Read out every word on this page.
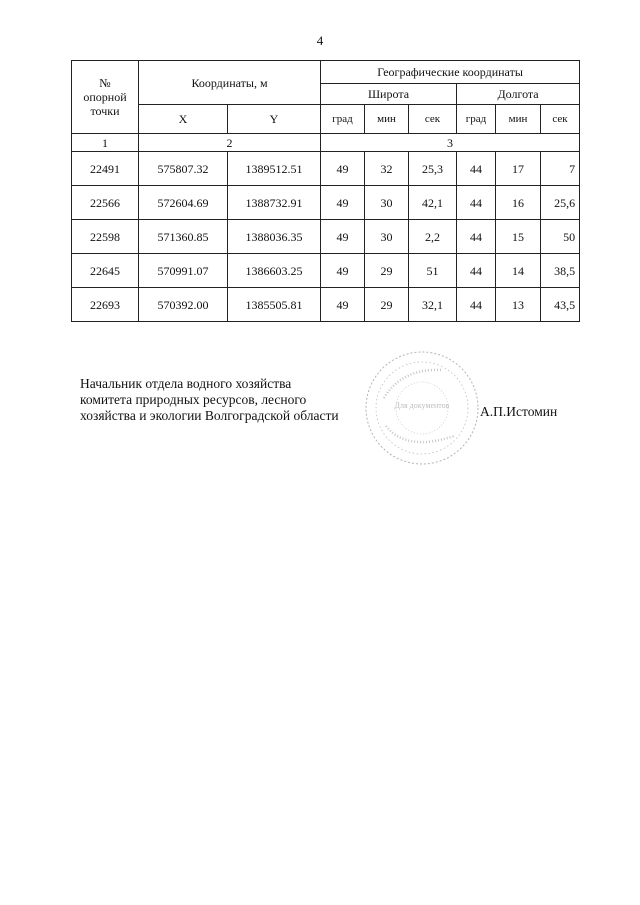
4
№
опорной
точки	Координаты, м		Географические координаты					
			Широта			Долгота		
	X	Y	град	мин	сек	град	мин	сек
1	2		3					
22491	575807.32	1389512.51	49	32	25,3	44	17	7
22566	572604.69	1388732.91	49	30	42,1	44	16	25,6
22598	571360.85	1388036.35	49	30	2,2	44	15	50
22645	570991.07	1386603.25	49	29	51	44	14	38,5
22693	570392.00	1385505.81	49	29	32,1	44	13	43,5
Для документов
Начальник отдела водного хозяйства
комитета природных ресурсов, лесного
хозяйства и экологии Волгоградской области	А.П.Истомин
